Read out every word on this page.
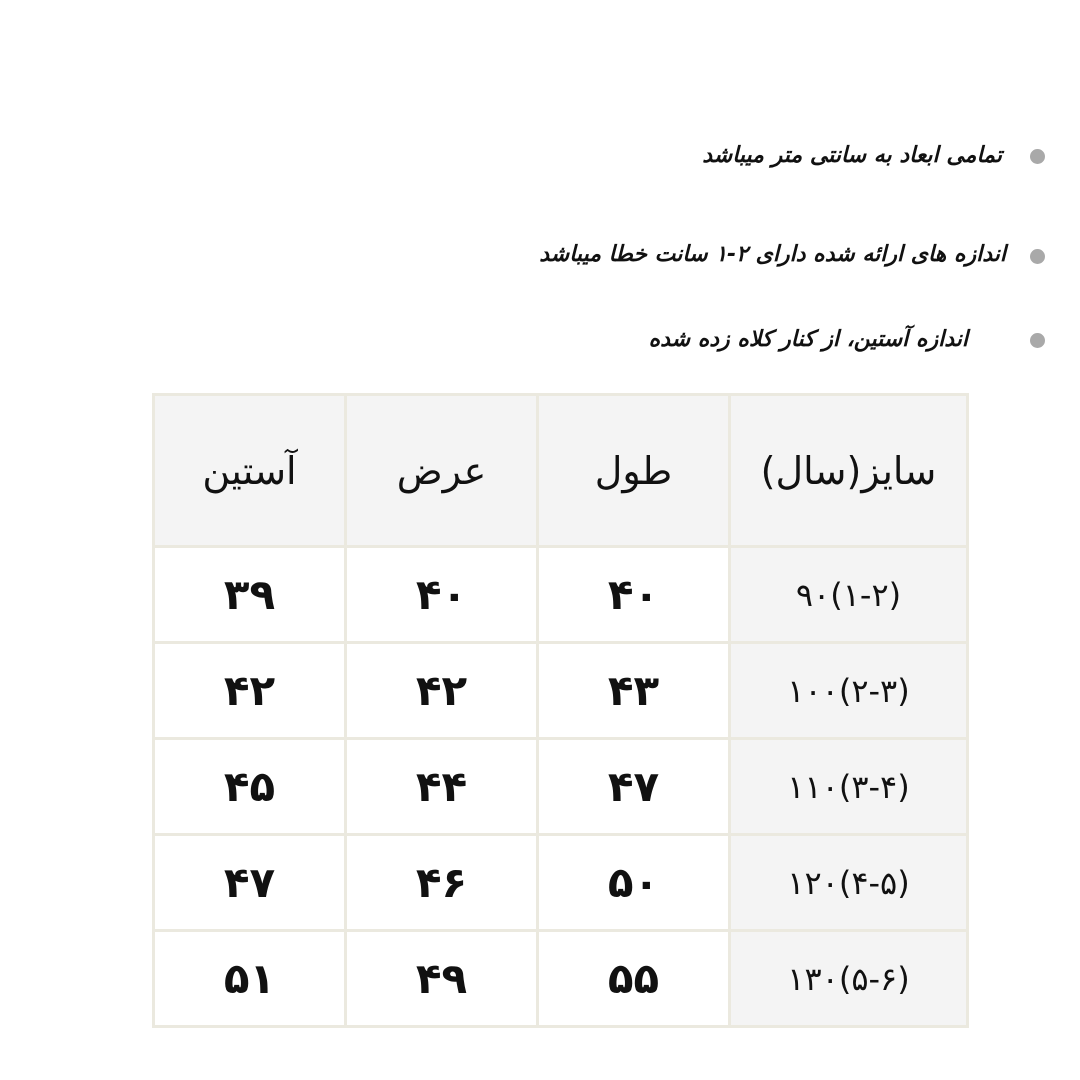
تمامی ابعاد به سانتی متر میباشد
اندازه های ارائه شده دارای ۲-۱ سانت خطا میباشد
اندازه آستین، از کنار کلاه زده شده
آستین	عرض	طول	سایز(سال)
۳۹	۴۰	۴۰	۹۰(۱-۲)
۴۲	۴۲	۴۳	۱۰۰(۲-۳)
۴۵	۴۴	۴۷	۱۱۰(۳-۴)
۴۷	۴۶	۵۰	۱۲۰(۴-۵)
۵۱	۴۹	۵۵	۱۳۰(۵-۶)
